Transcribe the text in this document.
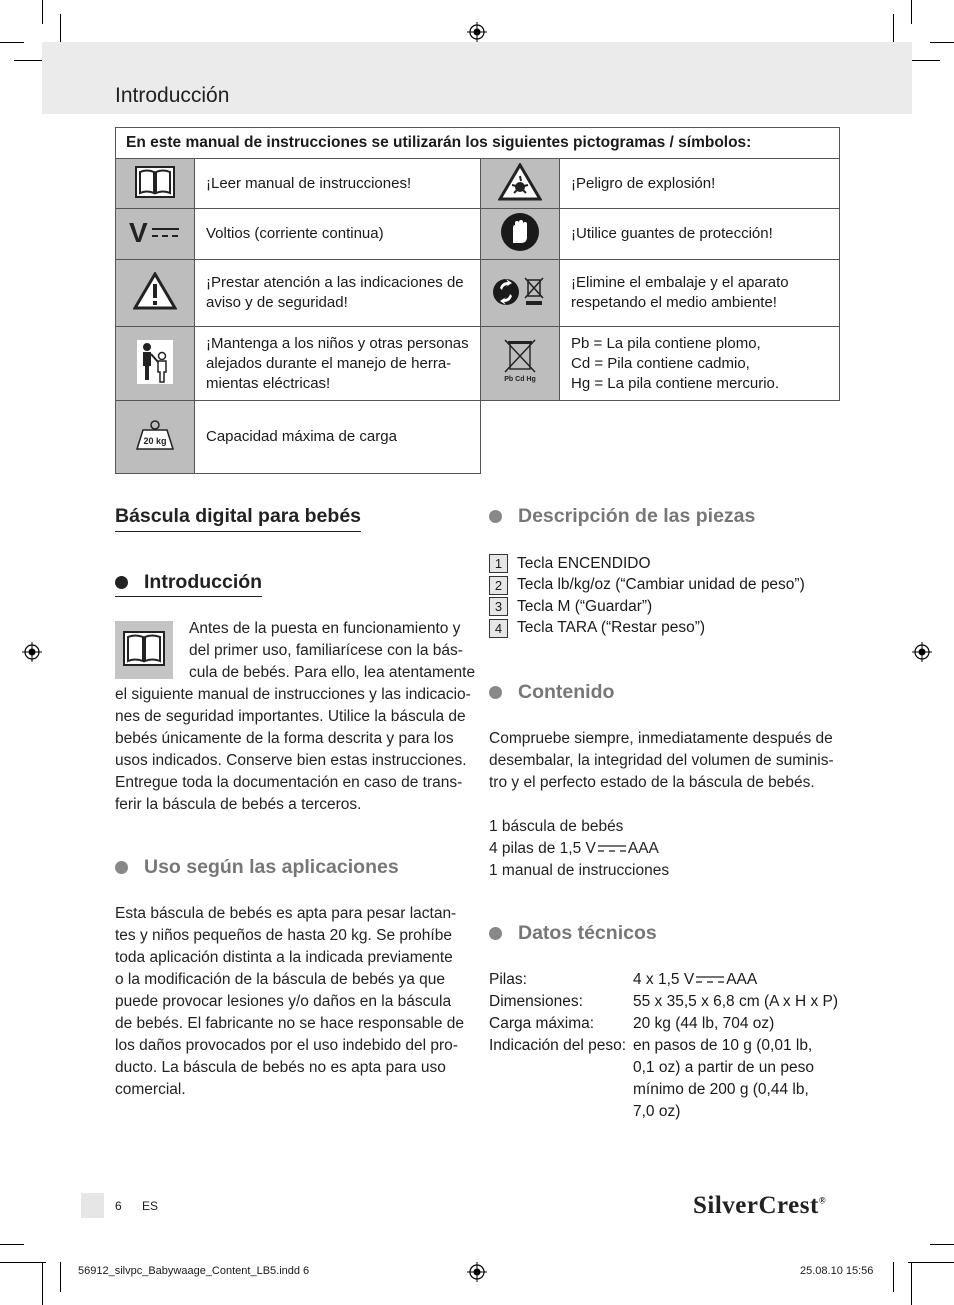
Introducción
En este manual de instrucciones se utilizarán los siguientes pictogramas / símbolos:			
	¡Leer manual de instrucciones!		¡Peligro de explosión!

V	Voltios (corriente continua)		¡Utilice guantes de protección!
	¡Prestar atención a las indicaciones de aviso y de seguridad!		¡Elimine el embalaje y el aparato respetando el medio ambiente!
	¡Mantenga a los niños y otras personas alejados durante el manejo de herra- mientas eléctricas!	Pb Cd Hg	Pb = La pila contiene plomo,
Cd = Pila contiene cadmio,
Hg = La pila contiene mercurio.

20 kg	Capacidad máxima de carga		
Báscula digital para bebés
Introducción
Antes de la puesta en funcionamiento y
del primer uso, familiarícese con la bás-
cula de bebés. Para ello, lea atentamente
el siguiente manual de instrucciones y las indicacio-
nes de seguridad importantes. Utilice la báscula de
bebés únicamente de la forma descrita y para los
usos indicados. Conserve bien estas instrucciones.
Entregue toda la documentación en caso de trans-
ferir la báscula de bebés a terceros.
Uso según las aplicaciones
Esta báscula de bebés es apta para pesar lactan-
tes y niños pequeños de hasta 20 kg. Se prohíbe
toda aplicación distinta a la indicada previamente
o la modificación de la báscula de bebés ya que
puede provocar lesiones y/o daños en la báscula
de bebés. El fabricante no se hace responsable de
los daños provocados por el uso indebido del pro-
ducto. La báscula de bebés no es apta para uso
comercial.
Descripción de las piezas
1 Tecla ENCENDIDO
2 Tecla lb/kg/oz (“Cambiar unidad de peso”)
3 Tecla M (“Guardar”)
4 Tecla TARA (“Restar peso”)
Contenido
Compruebe siempre, inmediatamente después de
desembalar, la integridad del volumen de suminis-
tro y el perfecto estado de la báscula de bebés.
1 báscula de bebés
4 pilas de 1,5 V AAA
1 manual de instrucciones
Datos técnicos
Pilas:	4 x 1,5 V AAA
Dimensiones:	55 x 35,5 x 6,8 cm (A x H x P)
Carga máxima:	20 kg (44 lb, 704 oz)
Indicación del peso: en pasos de 10 g (0,01 lb,
0,1 oz) a partir de un peso
mínimo de 200 g (0,44 lb,
7,0 oz)
6 ES	SilverCrest®
56912_silvpc_Babywaage_Content_LB5.indd 6	25.08.10 15:56
